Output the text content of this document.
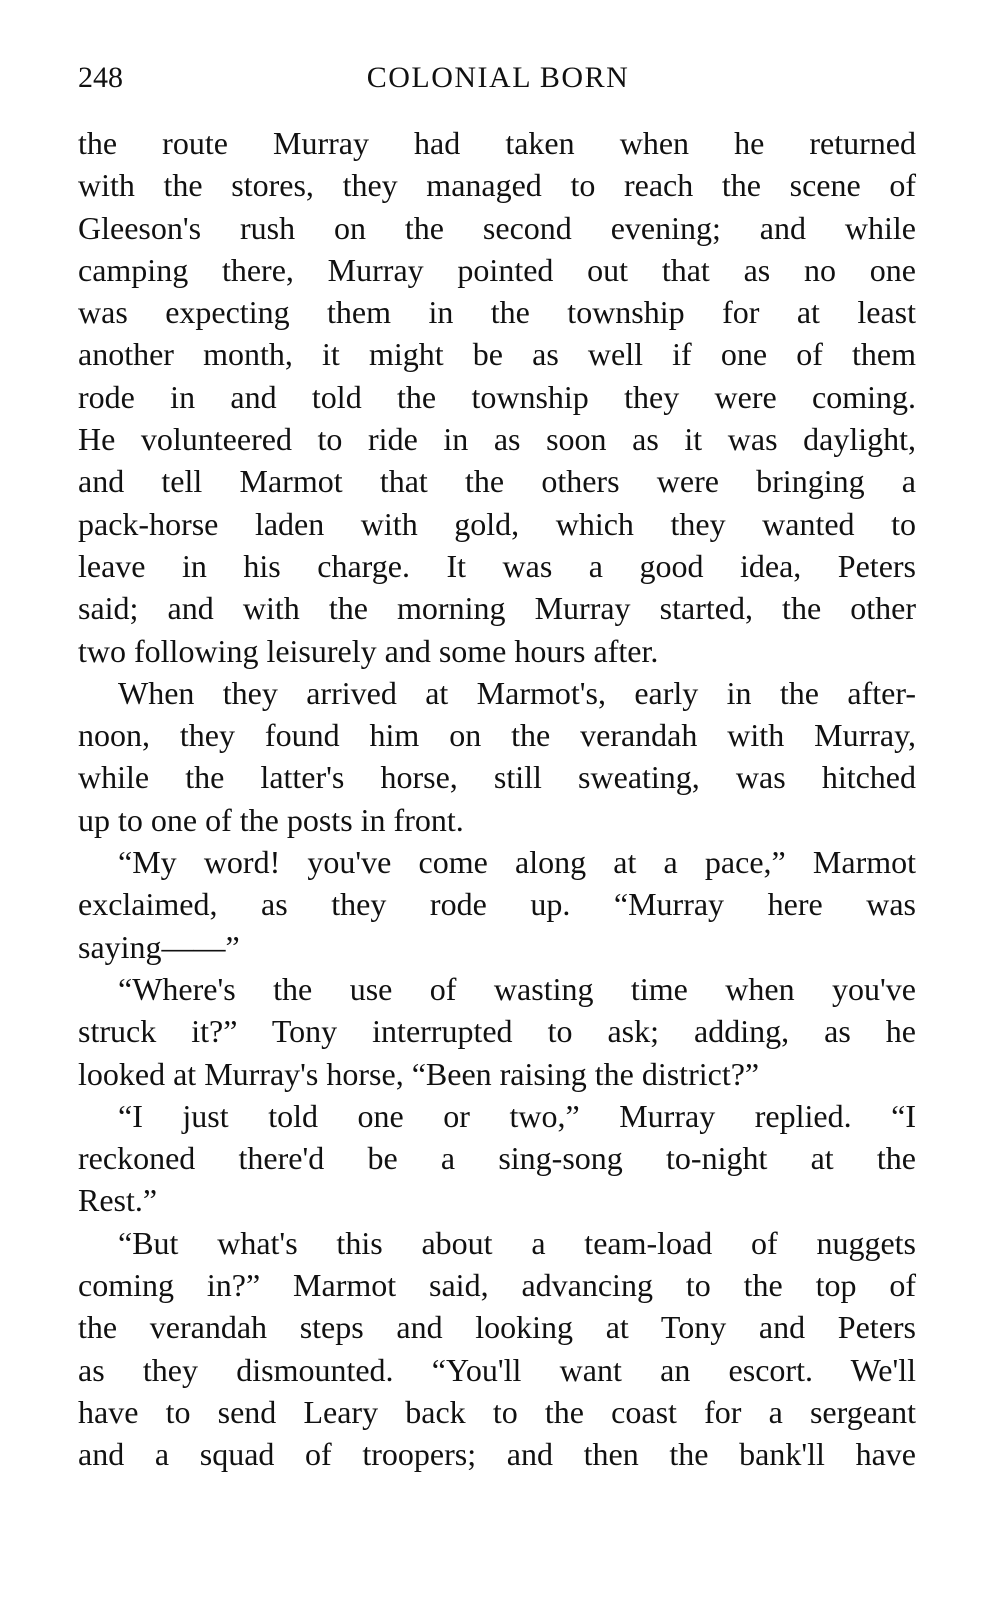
248	COLONIAL BORN
the route Murray had taken when he returned
with the stores, they managed to reach the scene of
Gleeson's rush on the second evening; and while
camping there, Murray pointed out that as no one
was expecting them in the township for at least
another month, it might be as well if one of them
rode in and told the township they were coming.
He volunteered to ride in as soon as it was daylight,
and tell Marmot that the others were bringing a
pack-horse laden with gold, which they wanted to
leave in his charge. It was a good idea, Peters
said; and with the morning Murray started, the other
two following leisurely and some hours after.
When they arrived at Marmot's, early in the after-
noon, they found him on the verandah with Murray,
while the latter's horse, still sweating, was hitched
up to one of the posts in front.
“My word! you've come along at a pace,” Marmot
exclaimed, as they rode up. “Murray here was
saying——”
“Where's the use of wasting time when you've
struck it?” Tony interrupted to ask; adding, as he
looked at Murray's horse, “Been raising the district?”
“I just told one or two,” Murray replied. “I
reckoned there'd be a sing-song to-night at the
Rest.”
“But what's this about a team-load of nuggets
coming in?” Marmot said, advancing to the top of
the verandah steps and looking at Tony and Peters
as they dismounted. “You'll want an escort. We'll
have to send Leary back to the coast for a sergeant
and a squad of troopers; and then the bank'll have
